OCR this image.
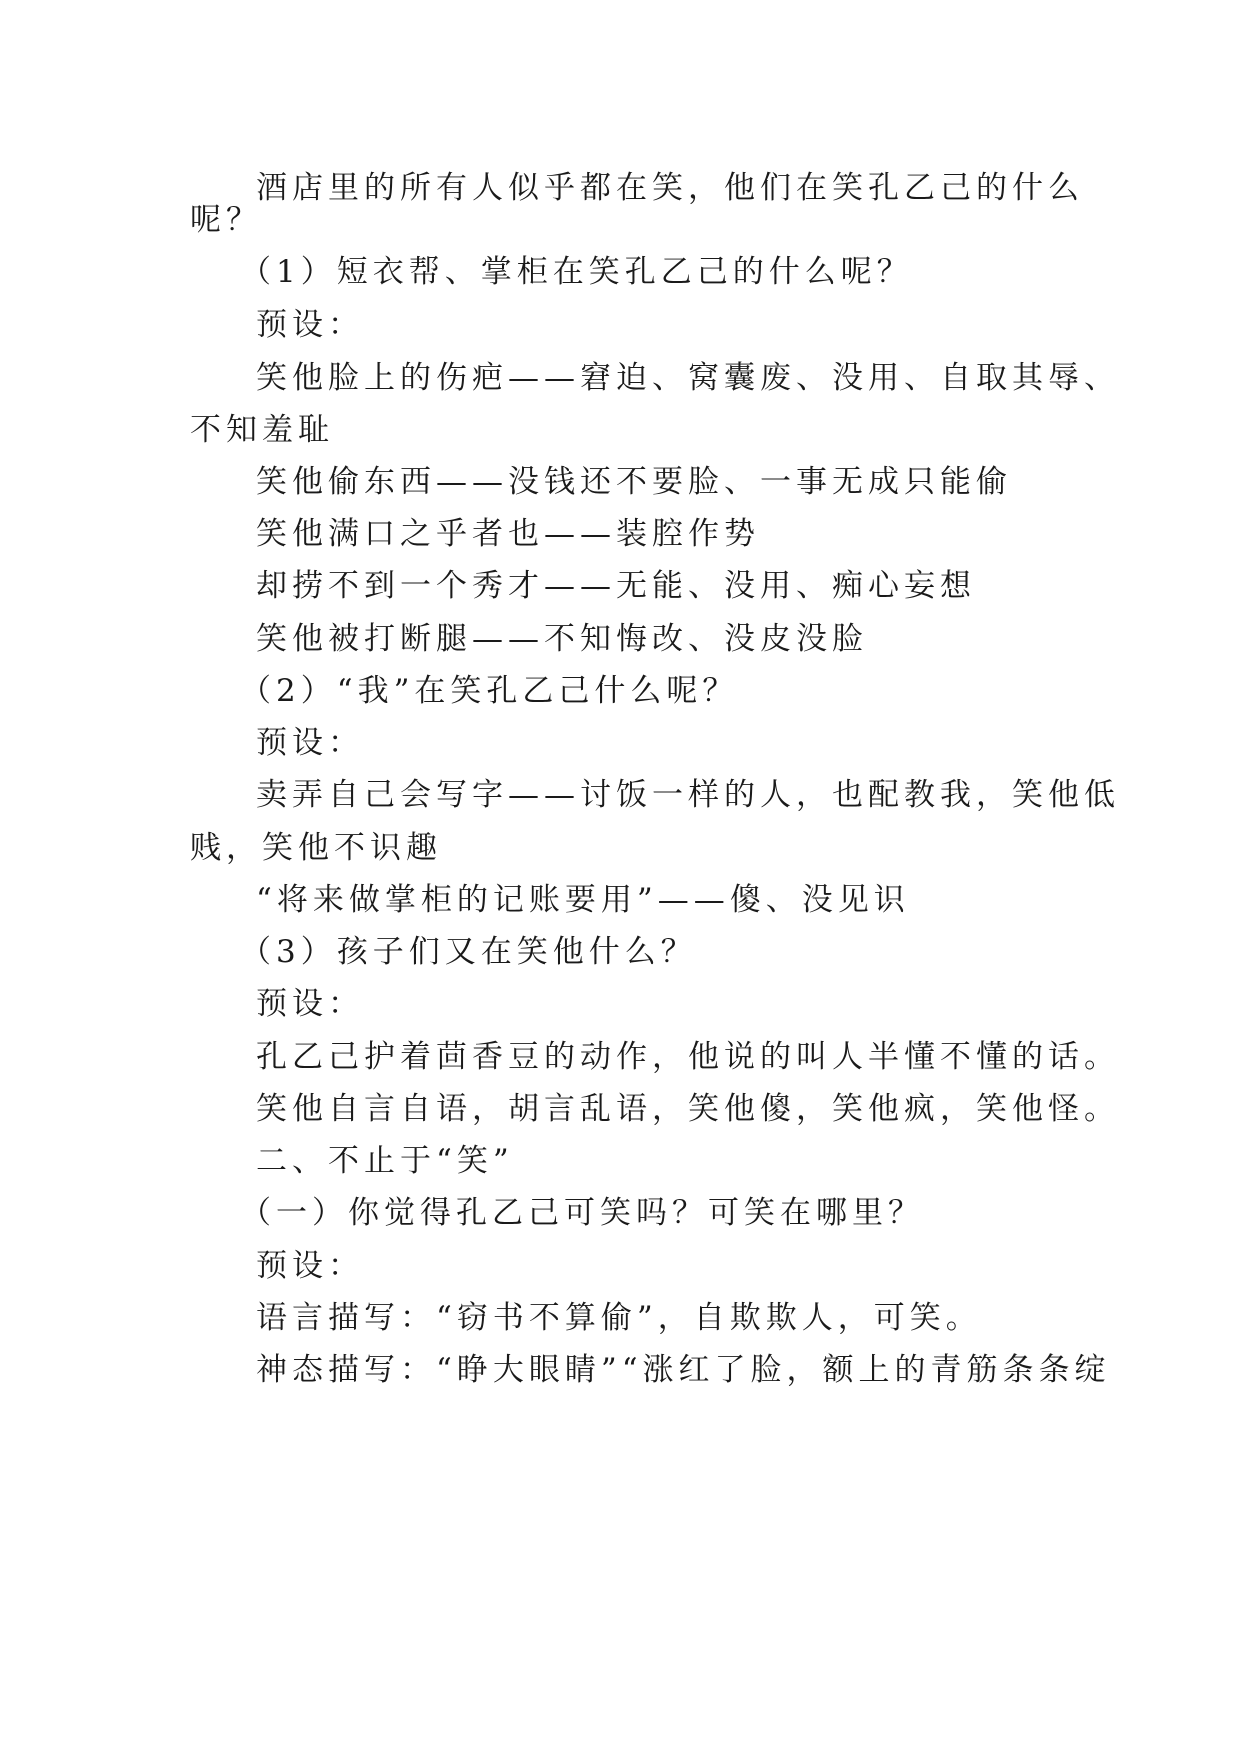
酒店里的所有人似乎都在笑，他们在笑孔乙己的什么
呢？
（1）短衣帮、掌柜在笑孔乙己的什么呢？
预设：
笑他脸上的伤疤——窘迫、窝囊废、没用、自取其辱、
不知羞耻
笑他偷东西——没钱还不要脸、一事无成只能偷
笑他满口之乎者也——装腔作势
却捞不到一个秀才——无能、没用、痴心妄想
笑他被打断腿——不知悔改、没皮没脸
（2）“我”在笑孔乙己什么呢？
预设：
卖弄自己会写字——讨饭一样的人，也配教我，笑他低
贱，笑他不识趣
“将来做掌柜的记账要用”——傻、没见识
（3）孩子们又在笑他什么？
预设：
孔乙己护着茴香豆的动作，他说的叫人半懂不懂的话。
笑他自言自语，胡言乱语，笑他傻，笑他疯，笑他怪。
二、不止于“笑”
（一）你觉得孔乙己可笑吗？可笑在哪里？
预设：
语言描写：“窃书不算偷”，自欺欺人，可笑。
神态描写：“睁大眼睛”“涨红了脸，额上的青筋条条绽
